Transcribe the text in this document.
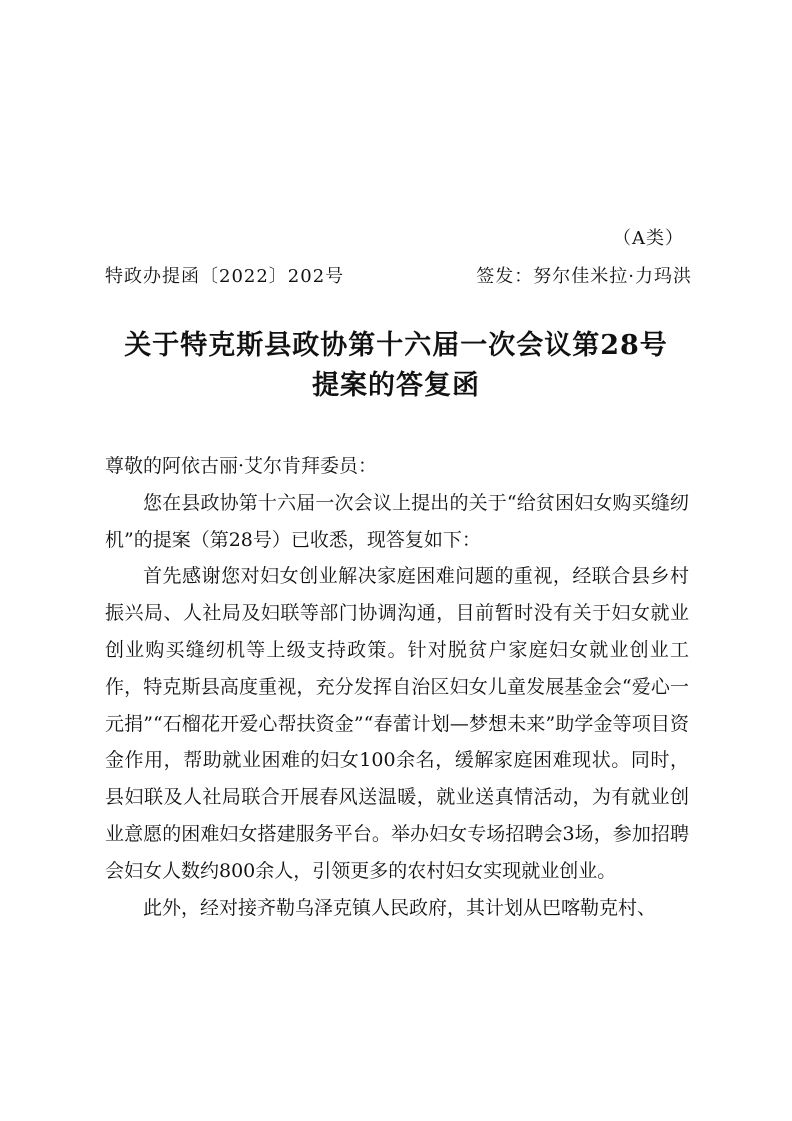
（A类）
特政办提函〔2022〕202号	签发：努尔佳米拉·力玛洪
关于特克斯县政协第十六届一次会议第28号
提案的答复函

尊敬的阿依古丽·艾尔肯拜委员：

您在县政协第十六届一次会议上提出的关于“给贫困妇女购买缝纫机”的提案（第28号）已收悉，现答复如下：

首先感谢您对妇女创业解决家庭困难问题的重视，经联合县乡村振兴局、人社局及妇联等部门协调沟通，目前暂时没有关于妇女就业创业购买缝纫机等上级支持政策。针对脱贫户家庭妇女就业创业工作，特克斯县高度重视，充分发挥自治区妇女儿童发展基金会“爱心一元捐”“石榴花开爱心帮扶资金”“春蕾计划—梦想未来”助学金等项目资金作用，帮助就业困难的妇女100余名，缓解家庭困难现状。同时，县妇联及人社局联合开展春风送温暖，就业送真情活动，为有就业创业意愿的困难妇女搭建服务平台。举办妇女专场招聘会3场，参加招聘会妇女人数约800余人，引领更多的农村妇女实现就业创业。

此外，经对接齐勒乌泽克镇人民政府，其计划从巴喀勒克村、
